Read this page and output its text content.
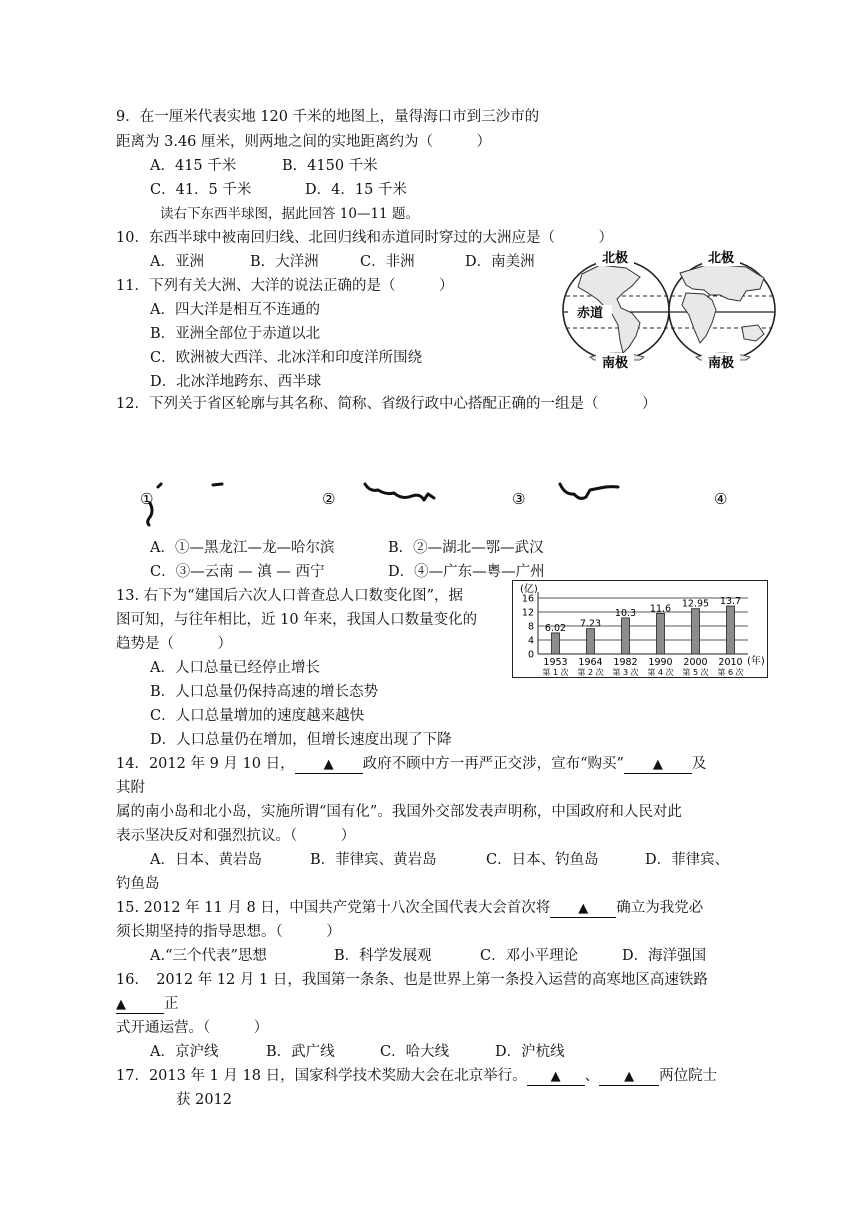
9．在一厘米代表实地 120 千米的地图上，量得海口市到三沙市的
距离为 3.46 厘米，则两地之间的实地距离约为（　　　）
A．415 千米	B．4150 千米
C．41．5 千米	D．4．15 千米
读右下东西半球图，据此回答 10—11 题。
10．东西半球中被南回归线、北回归线和赤道同时穿过的大洲应是（　　　）
A．亚洲	B．大洋洲	C．非洲	D．南美洲
11．下列有关大洲、大洋的说法正确的是（　　　）
A．四大洋是相互不连通的
B．亚洲全部位于赤道以北
C．欧洲被大西洋、北冰洋和印度洋所围绕
D．北冰洋地跨东、西半球
北极	北极
赤道
南极	南极
12．下列关于省区轮廓与其名称、简称、省级行政中心搭配正确的一组是（　　　）
①	②	③	④
A．①—黑龙江—龙—哈尔滨	B．②—湖北—鄂—武汉
C．③—云南 — 滇 — 西宁	D．④—广东—粤—广州
13. 右下为“建国后六次人口普查总人口数变化图”，据
图可知，与往年相比，近 10 年来，我国人口数量变化的
趋势是（　　　）
A．人口总量已经停止增长
B．人口总量仍保持高速的增长态势
C．人口总量增加的速度越来越快
D．人口总量仍在增加，但增长速度出现了下降
(亿)
(年)
0
4
8
12
16
6.02
1953
第 1 次
7.23
1964
第 2 次
10.3
1982
第 3 次
11.6
1990
第 4 次
12.95
2000
第 5 次
13.7
2010
第 6 次
14．2012 年 9 月 10 日， ▲ 政府不顾中方一再严正交涉，宣布“购买” ▲ 及
其附
属的南小岛和北小岛，实施所谓“国有化”。我国外交部发表声明称，中国政府和人民对此
表示坚决反对和强烈抗议。（　　　）
A．日本、黄岩岛	B．菲律宾、黄岩岛	C．日本、钓鱼岛	D．菲律宾、
钓鱼岛
15. 2012 年 11 月 8 日，中国共产党第十八次全国代表大会首次将 ▲ 确立为我党必
须长期坚持的指导思想。（　　　）
A.“三个代表”思想	B．科学发展观	C．邓小平理论	D．海洋强国
16．　2012 年 12 月 1 日，我国第一条条、也是世界上第一条投入运营的高寒地区高速铁路
▲	正
式开通运营。（　　　）
A．京沪线	B．武广线	C．哈大线	D．沪杭线
17．2013 年 1 月 18 日，国家科学技术奖励大会在北京举行。 ▲ 、 ▲ 两位院士
获 2012
